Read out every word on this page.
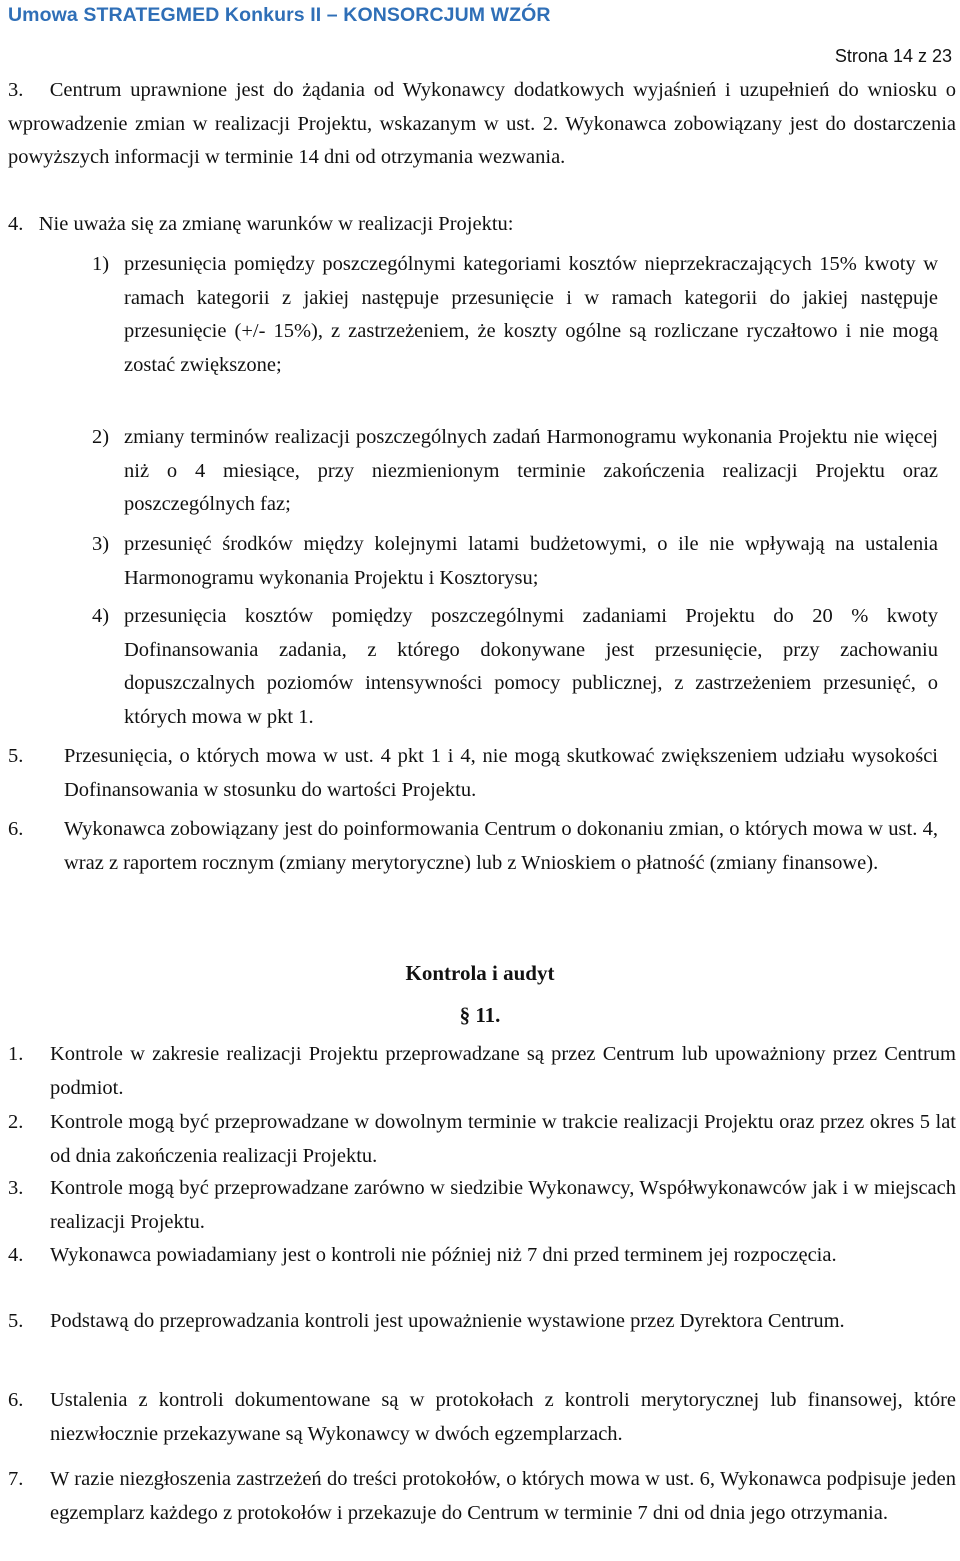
Umowa STRATEGMED Konkurs II – KONSORCJUM WZÓR
Strona 14 z 23

3. Centrum uprawnione jest do żądania od Wykonawcy dodatkowych wyjaśnień i uzupełnień do wniosku o wprowadzenie zmian w realizacji Projektu, wskazanym w ust. 2. Wykonawca zobowiązany jest do dostarczenia powyższych informacji w terminie 14 dni od otrzymania wezwania.

4. Nie uważa się za zmianę warunków w realizacji Projektu:

1) przesunięcia pomiędzy poszczególnymi kategoriami kosztów nieprzekraczających 15% kwoty w ramach kategorii z jakiej następuje przesunięcie i w ramach kategorii do jakiej następuje przesunięcie (+/- 15%), z zastrzeżeniem, że koszty ogólne są rozliczane ryczałtowo i nie mogą zostać zwiększone;

2) zmiany terminów realizacji poszczególnych zadań Harmonogramu wykonania Projektu nie więcej niż o 4 miesiące, przy niezmienionym terminie zakończenia realizacji Projektu oraz poszczególnych faz;

3) przesunięć środków między kolejnymi latami budżetowymi, o ile nie wpływają na ustalenia Harmonogramu wykonania Projektu i Kosztorysu;

4) przesunięcia kosztów pomiędzy poszczególnymi zadaniami Projektu do 20 % kwoty Dofinansowania zadania, z którego dokonywane jest przesunięcie, przy zachowaniu dopuszczalnych poziomów intensywności pomocy publicznej, z zastrzeżeniem przesunięć, o których mowa w pkt 1.

5. Przesunięcia, o których mowa w ust. 4 pkt 1 i 4, nie mogą skutkować zwiększeniem udziału wysokości Dofinansowania w stosunku do wartości Projektu.

6. Wykonawca zobowiązany jest do poinformowania Centrum o dokonaniu zmian, o których mowa w ust. 4, wraz z raportem rocznym (zmiany merytoryczne) lub z Wnioskiem o płatność (zmiany finansowe).

Kontrola i audyt
§ 11.
1. Kontrole w zakresie realizacji Projektu przeprowadzane są przez Centrum lub upoważniony przez Centrum podmiot.

2. Kontrole mogą być przeprowadzane w dowolnym terminie w trakcie realizacji Projektu oraz przez okres 5 lat od dnia zakończenia realizacji Projektu.

3. Kontrole mogą być przeprowadzane zarówno w siedzibie Wykonawcy, Współwykonawców jak i w miejscach realizacji Projektu.

4. Wykonawca powiadamiany jest o kontroli nie później niż 7 dni przed terminem jej rozpoczęcia.

5. Podstawą do przeprowadzania kontroli jest upoważnienie wystawione przez Dyrektora Centrum.

6. Ustalenia z kontroli dokumentowane są w protokołach z kontroli merytorycznej lub finansowej, które niezwłocznie przekazywane są Wykonawcy w dwóch egzemplarzach.

7. W razie niezgłoszenia zastrzeżeń do treści protokołów, o których mowa w ust. 6, Wykonawca podpisuje jeden egzemplarz każdego z protokołów i przekazuje do Centrum w terminie 7 dni od dnia jego otrzymania.
